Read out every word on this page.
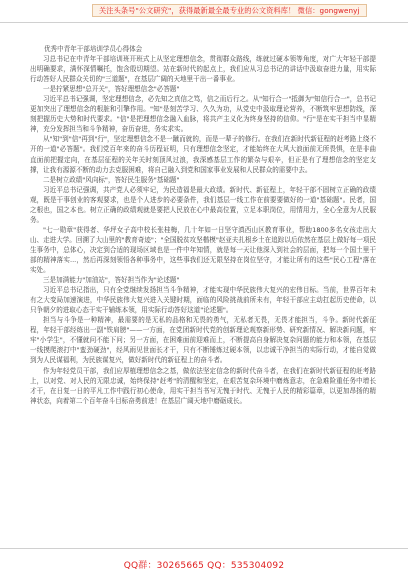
关注头条号"公文研究"，获得最新最全最专业的公文资料库！ 微信：gongwenyj
优秀中青年干部培训学员心得体会

习总书记在中青年干部培训班开班式上从坚定理想信念，贯彻群众路线，练就过硬本领等角度，对广大年轻干部提出明确要求，满怀深情嘱托，饱含殷切期望。站在新时代的起点上，我们应从习总书记的讲话中汲取奋进力量，用实际行动答好人民群众关切的"三道题"，在基层广阔的天地里干出一番事业。

一是拧紧思想"总开关"，答好理想信念"必答题"

习近平总书记强调，坚定理想信念，必先知之真信之笃，信之而后行之。从"知行合一"抵御为"知信行合一"，总书记更加突出了理想信念的根脏和引擎作用。"知"是刻苦学习、久久为功，从党史中汲取理论营养，不断筑牢思想防线，深刻把握历史大势和时代要求。"信"是把理想信念融入血脉，将共产主义化为终身坚持的信仰。"行"是在实干担当中显精神，充分发挥担当和斗争精神，奋历奋进，务实求实。

从"知"到"信"再到"行"，坚定理想信念不是一蹴而就的，而是一辈子的修行。在我们在新时代新征程的赶考路上绕不开的一道"必答题"。我们党百年来的奋斗历程证明，只有理想信念坚定，才能始终在大风大浪面前无所畏惧，在是非曲直面前把握定向，在基层征程的关年关时刻顶风过浪，我深感基层工作的繁杂与艰辛，但正是有了理想信念的坚定支撑，让我有源源不断的动力去克服困难，将自己融入到党和国家事业发展和人民群众的需要中去。

二是树立政绩"风向标"，答好民生服务"基础题"

习近平总书记强调，共产党人必须牢记，为民造福是最大政绩。新时代、新征程上，年轻干部不固树立正确的政绩观，既是干事创业的客观要求，也是个人进步的必要条件，我们基层一线工作在前要要做好的一道"基础题"。民者，国之根也，国之本也。树立正确的政绩观就是要把人民放在心中最高位置，立足本职岗位，用情用力，全心全意为人民服务。

"七一勋章"获得者、华坪女子高中校长张桂梅，几十年如一日坚守滇西山区教育事业，帮助1800多名女孩走出大山、走进大学。回溯了大山里的"教育奇迹"；"全国脱贫攻坚楷模"赵亚夫扎根乡土在追踪以后依然在基层上做好每一项民生事务中，总体心，决定到合适的现场区域也是一件中年知情，就是每一天让他深入到社会的层面，把每一个国土里干部的精神落实...，然后再深刻领悟各种事务中，这些事我们还无限坚持在岗位坚守，才能让所有的这些"民心工程"落在实处。

三是加满能力"加油站"，答好担当作为"论述题"

习近平总书记指出，只有全党继续发扬担当斗争精神，才能实现中华民族伟大复兴的宏伟目标。当前，世界百年未有之大变局加速演进，中华民族伟大复兴进入关键时期，面临的风险挑战前所未有，年轻干部应主动扛起历史使命，以只争朝夕的进取心态干实干辅练本领，用实际行动答好这道"论述题"。

担当与斗争是一种精神，最需要的是无私的品格和无畏的勇气，无私者无畏，无畏才能担当，斗争。新时代新征程，年轻干部经练出一副"铁肩膀"——一方面，在党团新时代党的创新理论观察新形势、研究新情况、解决新问题，牢牢"小学生"，不懂就问不能下问；另一方面，在困难面前迎难而上，不断提高自身解决复杂问题的能力和本领，在基层一线摸爬滚打中"蛮劲硬劲"，经风雨见世面长才干，只有不断锤炼过硬本领，以忠诚干净担当的实际行动，才能自觉做到为人民谋福利，为民族谋复兴，做好新时代的新征程上的奋斗者。

作为年轻党员干部，我们应厚植理想信念之基，做依法坚定信念的新时代奋斗者，在我们在新时代新征程的赶考路上，以对党、对人民的无限忠诚，始终保持"赶考"的清醒和坚定，在艰苦复杂环境中磨炼意志，在急难险重任务中增长才干，在日复一日的平凡工作中践行初心使命，用实干担当书写无愧于时代、无愧于人民的精彩篇章，以更加昂扬的精神状态，向着第二个百年奋斗目标奋勇前进！在基层广阔天地中磨砺成长。

QQ群：30265665 QQ：535304092
